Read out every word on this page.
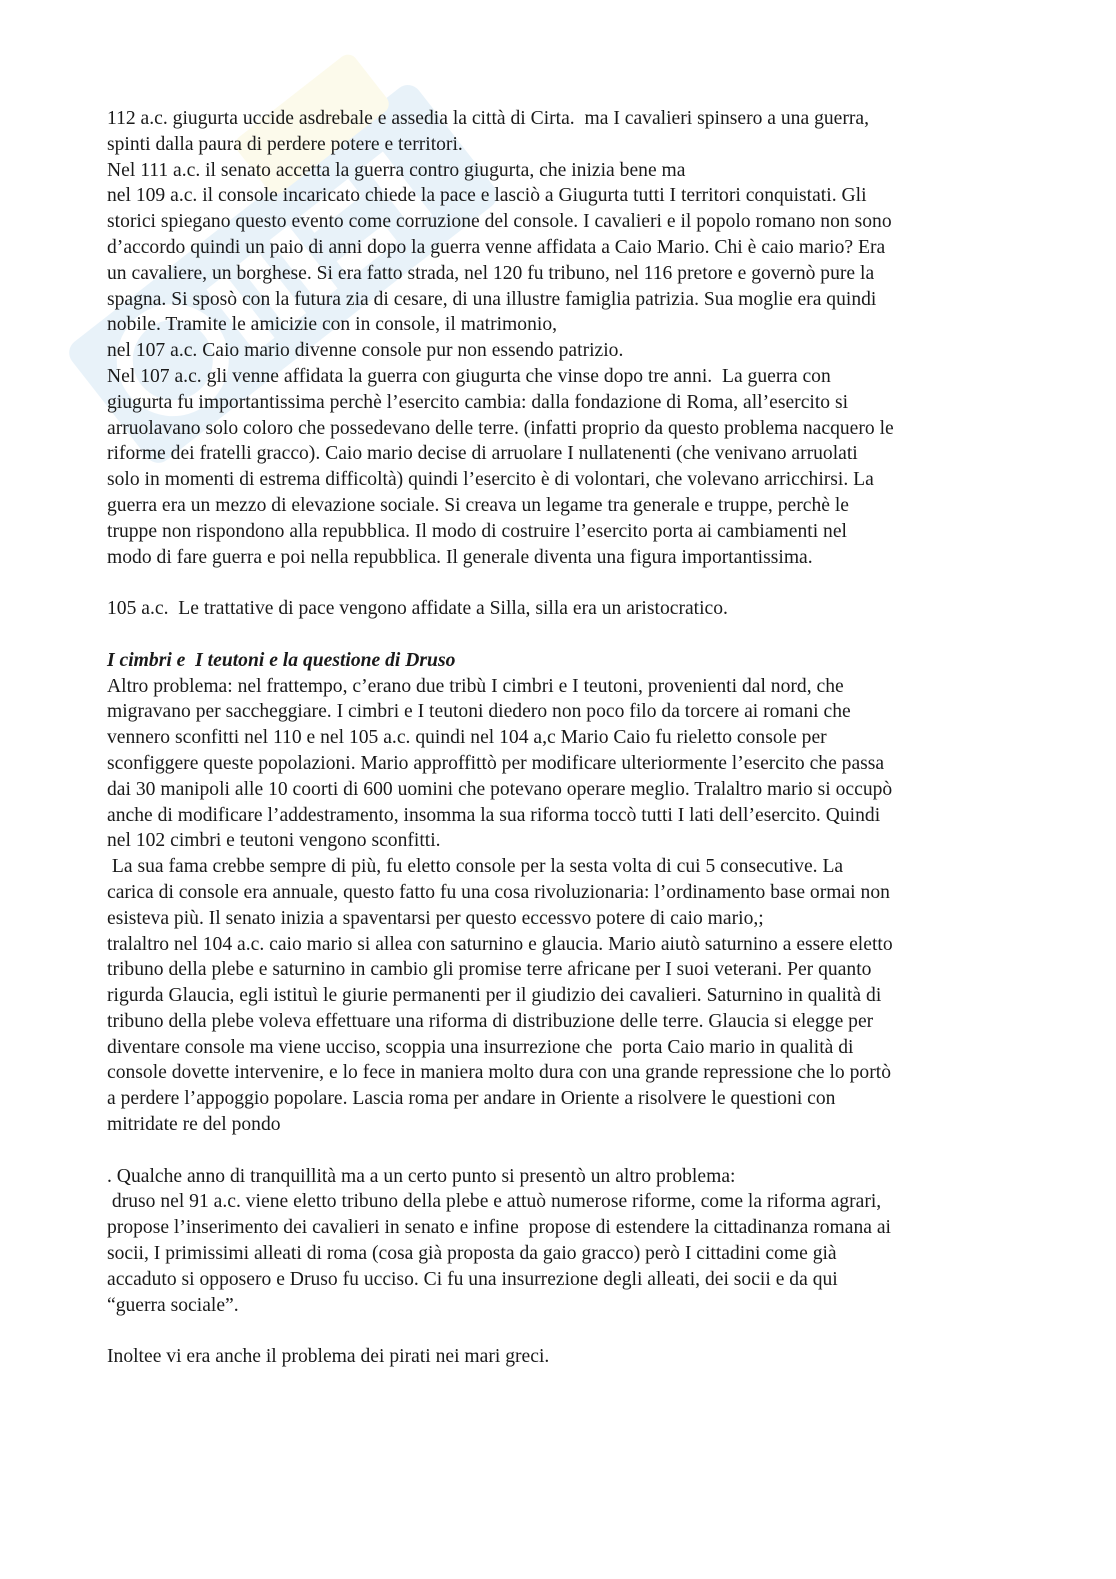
112 a.c. giugurta uccide asdrebale e assedia la città di Cirta.  ma I cavalieri spinsero a una guerra,
spinti dalla paura di perdere potere e territori.
Nel 111 a.c. il senato accetta la guerra contro giugurta, che inizia bene ma
nel 109 a.c. il console incaricato chiede la pace e lasciò a Giugurta tutti I territori conquistati. Gli
storici spiegano questo evento come corruzione del console. I cavalieri e il popolo romano non sono
d’accordo quindi un paio di anni dopo la guerra venne affidata a Caio Mario. Chi è caio mario? Era
un cavaliere, un borghese. Si era fatto strada, nel 120 fu tribuno, nel 116 pretore e governò pure la
spagna. Si sposò con la futura zia di cesare, di una illustre famiglia patrizia. Sua moglie era quindi
nobile. Tramite le amicizie con in console, il matrimonio,
nel 107 a.c. Caio mario divenne console pur non essendo patrizio.
Nel 107 a.c. gli venne affidata la guerra con giugurta che vinse dopo tre anni.  La guerra con
giugurta fu importantissima perchè l’esercito cambia: dalla fondazione di Roma, all’esercito si
arruolavano solo coloro che possedevano delle terre. (infatti proprio da questo problema nacquero le
riforme dei fratelli gracco). Caio mario decise di arruolare I nullatenenti (che venivano arruolati
solo in momenti di estrema difficoltà) quindi l’esercito è di volontari, che volevano arricchirsi. La
guerra era un mezzo di elevazione sociale. Si creava un legame tra generale e truppe, perchè le
truppe non rispondono alla repubblica. Il modo di costruire l’esercito porta ai cambiamenti nel
modo di fare guerra e poi nella repubblica. Il generale diventa una figura importantissima.
105 a.c.  Le trattative di pace vengono affidate a Silla, silla era un aristocratico.
I cimbri e  I teutoni e la questione di Druso
Altro problema: nel frattempo, c’erano due tribù I cimbri e I teutoni, provenienti dal nord, che
migravano per saccheggiare. I cimbri e I teutoni diedero non poco filo da torcere ai romani che
vennero sconfitti nel 110 e nel 105 a.c. quindi nel 104 a,c Mario Caio fu rieletto console per
sconfiggere queste popolazioni. Mario approffittò per modificare ulteriormente l’esercito che passa
dai 30 manipoli alle 10 coorti di 600 uomini che potevano operare meglio. Tralaltro mario si occupò
anche di modificare l’addestramento, insomma la sua riforma toccò tutti I lati dell’esercito. Quindi
nel 102 cimbri e teutoni vengono sconfitti.
La sua fama crebbe sempre di più, fu eletto console per la sesta volta di cui 5 consecutive. La
carica di console era annuale, questo fatto fu una cosa rivoluzionaria: l’ordinamento base ormai non
esisteva più. Il senato inizia a spaventarsi per questo eccessvo potere di caio mario,;
tralaltro nel 104 a.c. caio mario si allea con saturnino e glaucia. Mario aiutò saturnino a essere eletto
tribuno della plebe e saturnino in cambio gli promise terre africane per I suoi veterani. Per quanto
rigurda Glaucia, egli istituì le giurie permanenti per il giudizio dei cavalieri. Saturnino in qualità di
tribuno della plebe voleva effettuare una riforma di distribuzione delle terre. Glaucia si elegge per
diventare console ma viene ucciso, scoppia una insurrezione che  porta Caio mario in qualità di
console dovette intervenire, e lo fece in maniera molto dura con una grande repressione che lo portò
a perdere l’appoggio popolare. Lascia roma per andare in Oriente a risolvere le questioni con
mitridate re del pondo
. Qualche anno di tranquillità ma a un certo punto si presentò un altro problema:
druso nel 91 a.c. viene eletto tribuno della plebe e attuò numerose riforme, come la riforma agrari,
propose l’inserimento dei cavalieri in senato e infine  propose di estendere la cittadinanza romana ai
socii, I primissimi alleati di roma (cosa già proposta da gaio gracco) però I cittadini come già
accaduto si opposero e Druso fu ucciso. Ci fu una insurrezione degli alleati, dei socii e da qui
“guerra sociale”.
Inoltee vi era anche il problema dei pirati nei mari greci.
